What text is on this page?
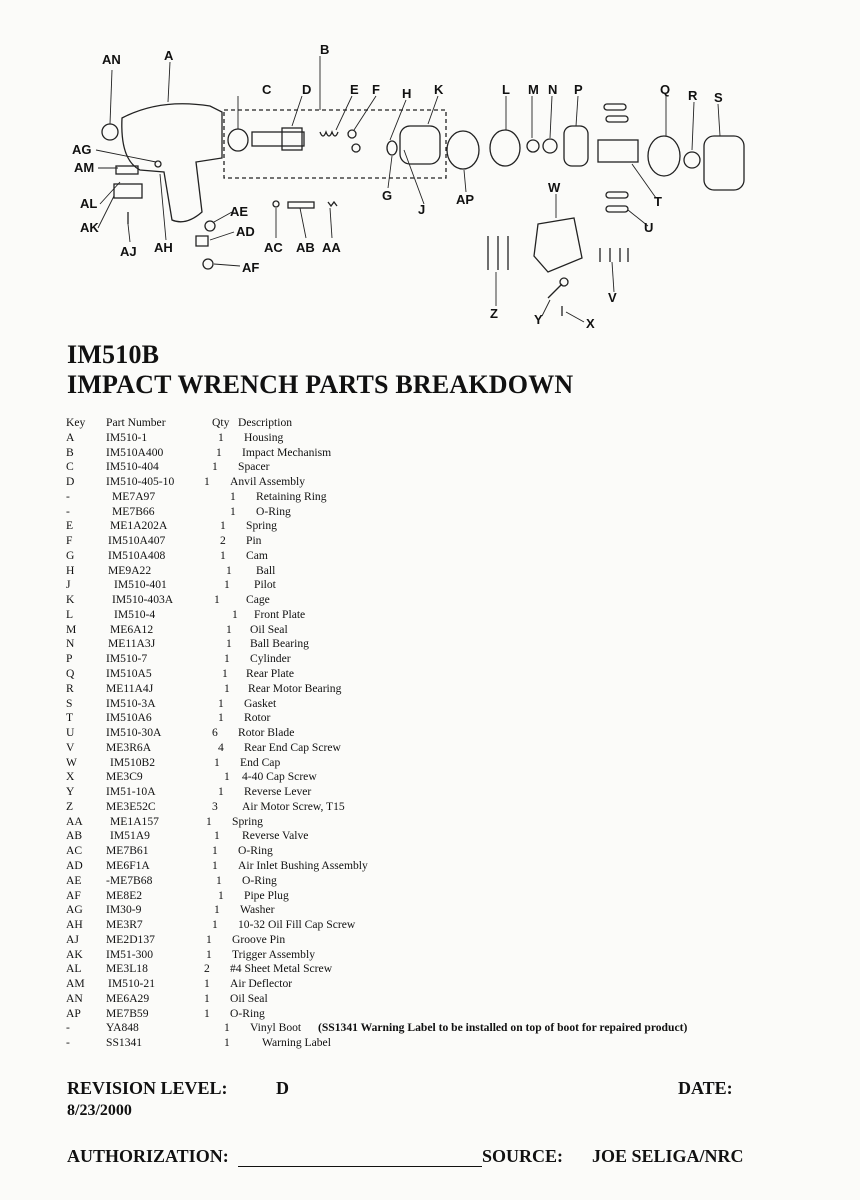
AN	A	B
C D	E F H K	L M N P	Q R S
AG
AM
AL
AK
AJ AH
AE
AD
AF
AC AB AA
G
J
AP
W
T
U
V
Z	Y	X
IM510B
IMPACT WRENCH PARTS BREAKDOWN
Key Part Number	Qty Description
A	IM510-1	1 Housing
B	IM510A400	1 Impact Mechanism
C	IM510-404	1 Spacer
D	IM510-405-10	1 Anvil Assembly
-	ME7A97	1 Retaining Ring
-	ME7B66	1 O-Ring
E	ME1A202A	1 Spring
F	IM510A407	2 Pin
G	IM510A408	1 Cam
H	ME9A22	1 Ball
J	IM510-401	1 Pilot
K	IM510-403A	1 Cage
L	IM510-4	1 Front Plate
M	ME6A12	1 Oil Seal
N	ME11A3J	1 Ball Bearing
P	IM510-7	1 Cylinder
Q	IM510A5	1 Rear Plate
R	ME11A4J	1 Rear Motor Bearing
S	IM510-3A	1 Gasket
T	IM510A6	1 Rotor
U	IM510-30A	6 Rotor Blade
V	ME3R6A	4 Rear End Cap Screw
W	IM510B2	1 End Cap
X	ME3C9	1 4-40 Cap Screw
Y	IM51-10A	1 Reverse Lever
Z	ME3E52C	3 Air Motor Screw, T15
AA ME1A157	1 Spring
AB IM51A9	1 Reverse Valve
AC ME7B61	1 O-Ring
AD ME6F1A	1 Air Inlet Bushing Assembly
AE -ME7B68	1 O-Ring
AF ME8E2	1 Pipe Plug
AG IM30-9	1 Washer
AH ME3R7	1 10-32 Oil Fill Cap Screw
AJ ME2D137	1 Groove Pin
AK IM51-300	1 Trigger Assembly
AL ME3L18	2 #4 Sheet Metal Screw
AM IM510-21	1 Air Deflector
AN ME6A29	1 Oil Seal
AP ME7B59	1 O-Ring
-	YA848	1 Vinyl Boot (SS1341 Warning Label to be installed on top of boot for repaired product)
-	SS1341	1	Warning Label
REVISION LEVEL:	D	DATE:
8/23/2000
AUTHORIZATION:	SOURCE: JOE SELIGA/NRC
